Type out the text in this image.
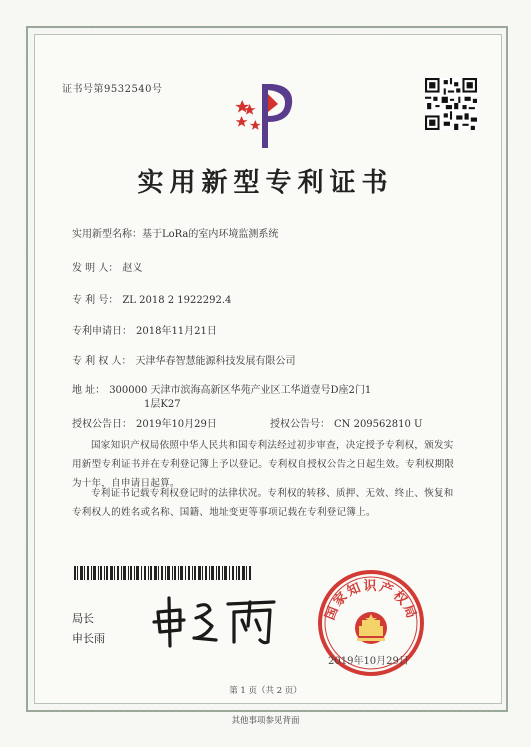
证书号第9532540号
实用新型专利证书
实用新型名称：基于LoRa的室内环境监测系统
发 明 人： 赵义
专 利 号： ZL 2018 2 1922292.4
专利申请日： 2018年11月21日
专 利 权 人： 天津华春智慧能源科技发展有限公司
地 址： 300000 天津市滨海高新区华苑产业区工华道壹号D座2门1
1层K27
授权公告日： 2019年10月29日	授权公告号： CN 209562810 U
国家知识产权局依照中华人民共和国专利法经过初步审查，决定授予专利权，颁发实用新型专利证书并在专利登记簿上予以登记。专利权自授权公告之日起生效。专利权期限为十年，自申请日起算。
专利证书记载专利权登记时的法律状况。专利权的转移、质押、无效、终止、恢复和专利权人的姓名或名称、国籍、地址变更等事项记载在专利登记簿上。
局长
申长雨
国家知识产权局
2019年10月29日
第 1 页（共 2 页）
其他事项参见背面
